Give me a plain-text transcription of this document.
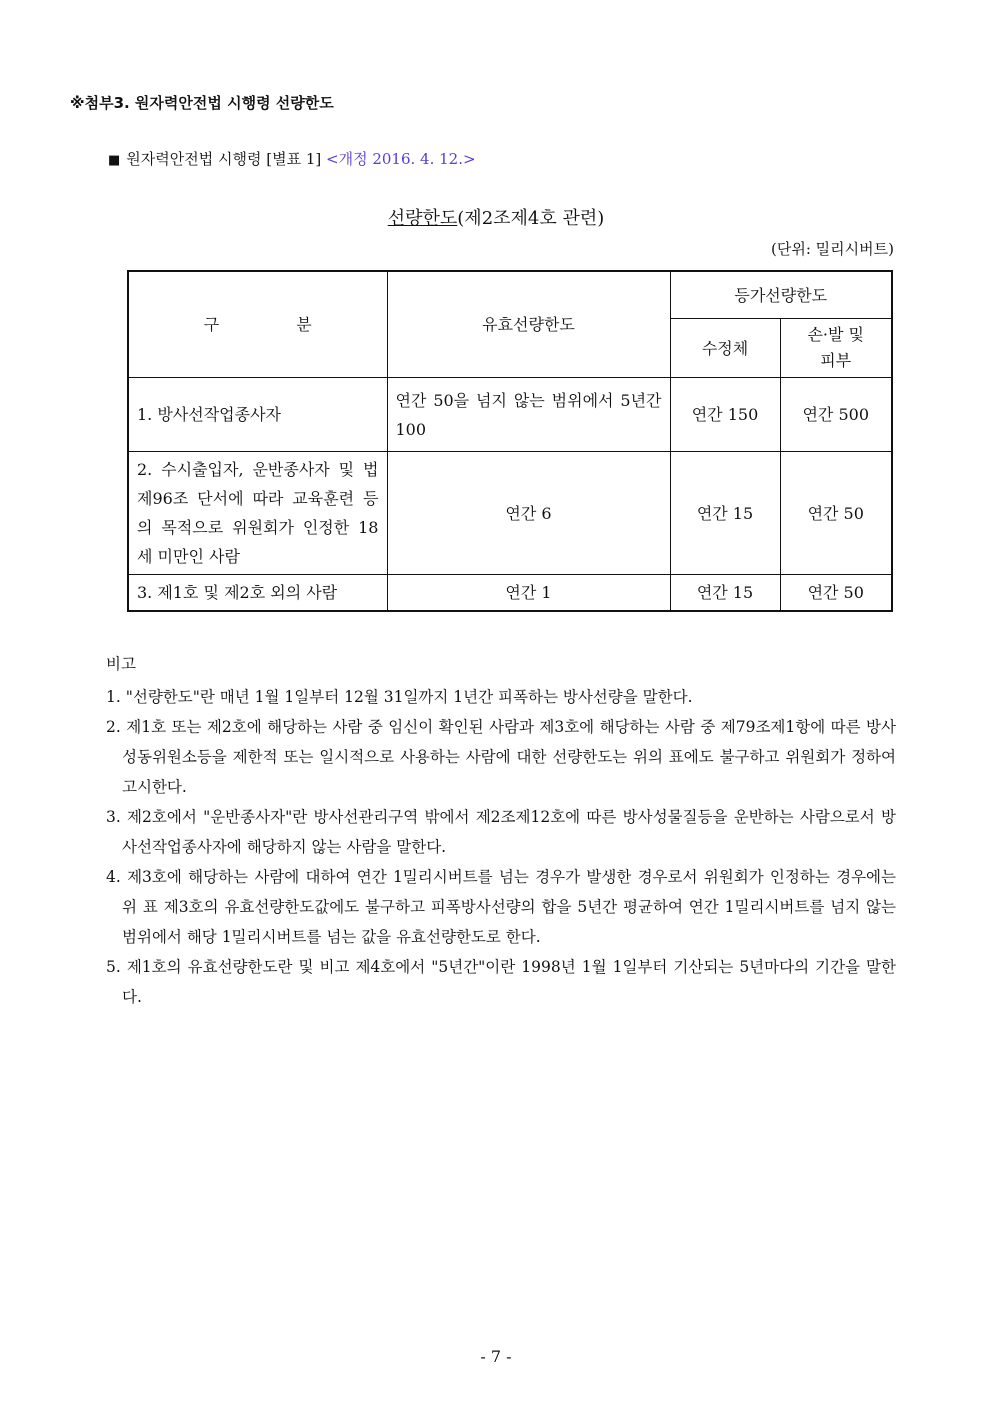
※첨부3. 원자력안전법 시행령 선량한도
■ 원자력안전법 시행령 [별표 1] <개정 2016. 4. 12.>
선량한도(제2조제4호 관련)
(단위: 밀리시버트)
구 분	유효선량한도	등가선량한도	
		수정체	손·발 및
피부

1. 방사선작업종사자	연간 50을 넘지 않는 범위에서 5년간 100	연간 150	연간 500
2. 수시출입자, 운반종사자 및 법 제96조 단서에 따라 교육훈련 등의 목적으로 위원회가 인정한 18세 미만인 사람	연간 6	연간 15	연간 50
3. 제1호 및 제2호 외의 사람	연간 1	연간 15	연간 50
비고

1. "선량한도"란 매년 1월 1일부터 12월 31일까지 1년간 피폭하는 방사선량을 말한다.

2. 제1호 또는 제2호에 해당하는 사람 중 임신이 확인된 사람과 제3호에 해당하는 사람 중 제79조제1항에 따른 방사성동위원소등을 제한적 또는 일시적으로 사용하는 사람에 대한 선량한도는 위의 표에도 불구하고 위원회가 정하여 고시한다.

3. 제2호에서 "운반종사자"란 방사선관리구역 밖에서 제2조제12호에 따른 방사성물질등을 운반하는 사람으로서 방사선작업종사자에 해당하지 않는 사람을 말한다.

4. 제3호에 해당하는 사람에 대하여 연간 1밀리시버트를 넘는 경우가 발생한 경우로서 위원회가 인정하는 경우에는 위 표 제3호의 유효선량한도값에도 불구하고 피폭방사선량의 합을 5년간 평균하여 연간 1밀리시버트를 넘지 않는 범위에서 해당 1밀리시버트를 넘는 값을 유효선량한도로 한다.

5. 제1호의 유효선량한도란 및 비고 제4호에서 "5년간"이란 1998년 1월 1일부터 기산되는 5년마다의 기간을 말한다.

- 7 -
